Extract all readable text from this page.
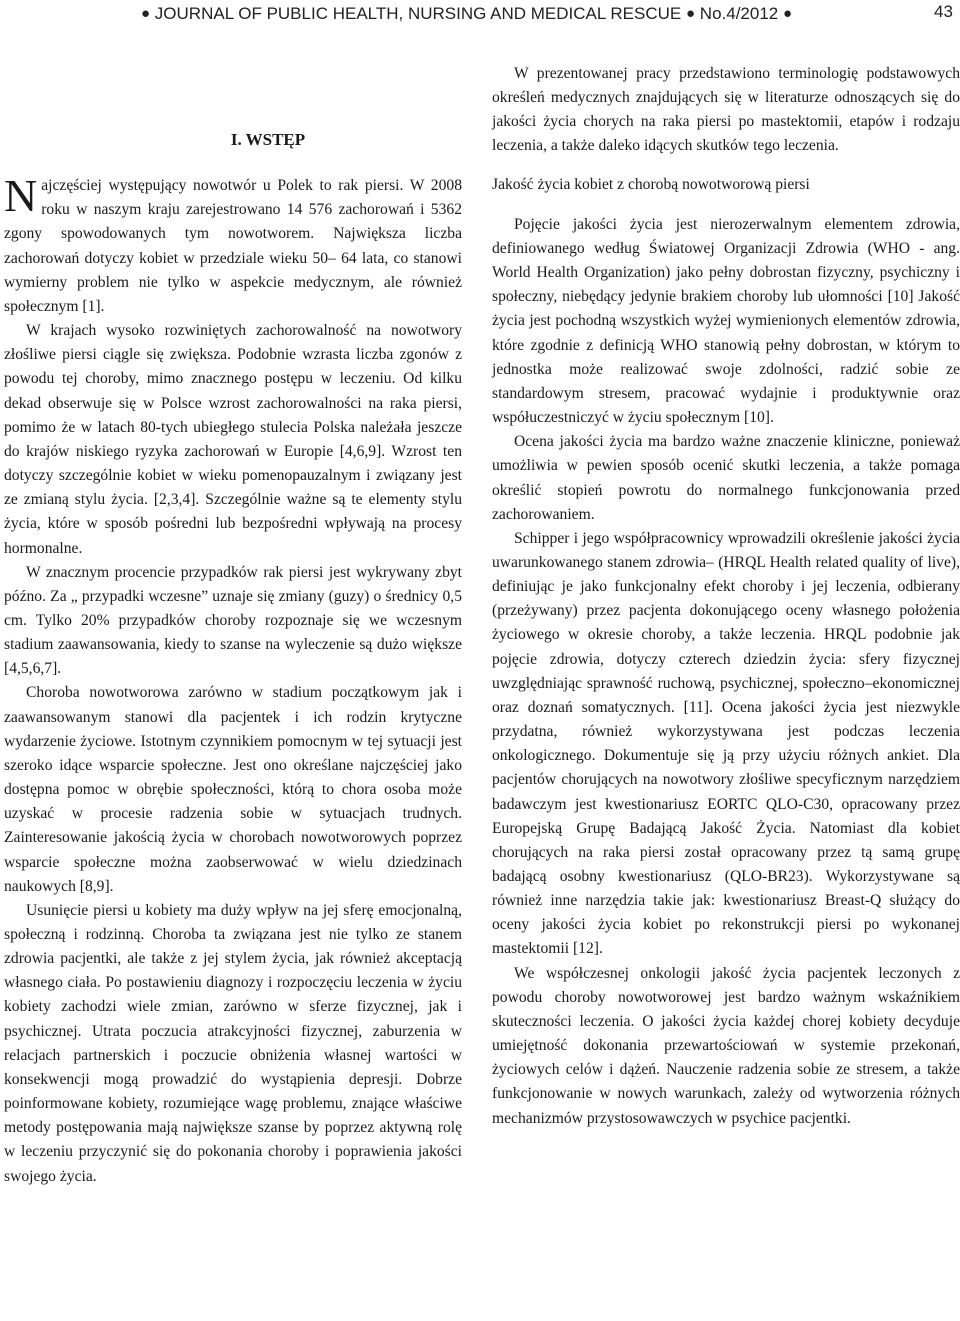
● JOURNAL OF PUBLIC HEALTH, NURSING AND MEDICAL RESCUE ● No.4/2012 ●	43

I. WSTĘP

Najczęściej występujący nowotwór u Polek to rak piersi. W 2008 roku w naszym kraju zarejestrowano 14 576 zachorowań i 5362 zgony spowodowanych tym nowotworem. Największa liczba zachorowań dotyczy kobiet w przedziale wieku 50– 64 lata, co stanowi wymierny problem nie tylko w aspekcie medycznym, ale również społecznym [1].

W krajach wysoko rozwiniętych zachorowalność na nowotwory złośliwe piersi ciągle się zwiększa. Podobnie wzrasta liczba zgonów z powodu tej choroby, mimo znacznego postępu w leczeniu. Od kilku dekad obserwuje się w Polsce wzrost zachorowalności na raka piersi, pomimo że w latach 80-tych ubiegłego stulecia Polska należała jeszcze do krajów niskiego ryzyka zachorowań w Europie [4,6,9]. Wzrost ten dotyczy szczególnie kobiet w wieku pomenopauzalnym i związany jest ze zmianą stylu życia. [2,3,4]. Szczególnie ważne są te elementy stylu życia, które w sposób pośredni lub bezpośredni wpływają na procesy hormonalne.

W znacznym procencie przypadków rak piersi jest wykrywany zbyt późno. Za „ przypadki wczesne” uznaje się zmiany (guzy) o średnicy 0,5 cm. Tylko 20% przypadków choroby rozpoznaje się we wczesnym stadium zaawansowania, kiedy to szanse na wyleczenie są dużo większe [4,5,6,7].

Choroba nowotworowa zarówno w stadium początkowym jak i zaawansowanym stanowi dla pacjentek i ich rodzin krytyczne wydarzenie życiowe. Istotnym czynnikiem pomocnym w tej sytuacji jest szeroko idące wsparcie społeczne. Jest ono określane najczęściej jako dostępna pomoc w obrębie społeczności, którą to chora osoba może uzyskać w procesie radzenia sobie w sytuacjach trudnych. Zainteresowanie jakością życia w chorobach nowotworowych poprzez wsparcie społeczne można zaobserwować w wielu dziedzinach naukowych [8,9].

Usunięcie piersi u kobiety ma duży wpływ na jej sferę emocjonalną, społeczną i rodzinną. Choroba ta związana jest nie tylko ze stanem zdrowia pacjentki, ale także z jej stylem życia, jak również akceptacją własnego ciała. Po postawieniu diagnozy i rozpoczęciu leczenia w życiu kobiety zachodzi wiele zmian, zarówno w sferze fizycznej, jak i psychicznej. Utrata poczucia atrakcyjności fizycznej, zaburzenia w relacjach partnerskich i poczucie obniżenia własnej wartości w konsekwencji mogą prowadzić do wystąpienia depresji. Dobrze poinformowane kobiety, rozumiejące wagę problemu, znające właściwe metody postępowania mają największe szanse by poprzez aktywną rolę w leczeniu przyczynić się do pokonania choroby i poprawienia jakości swojego życia.

W prezentowanej pracy przedstawiono terminologię podstawowych określeń medycznych znajdujących się w literaturze odnoszących się do jakości życia chorych na raka piersi po mastektomii, etapów i rodzaju leczenia, a także daleko idących skutków tego leczenia.

Jakość życia kobiet z chorobą nowotworową piersi

Pojęcie jakości życia jest nierozerwalnym elementem zdrowia, definiowanego według Światowej Organizacji Zdrowia (WHO - ang. World Health Organization) jako pełny dobrostan fizyczny, psychiczny i społeczny, niebędący jedynie brakiem choroby lub ułomności [10] Jakość życia jest pochodną wszystkich wyżej wymienionych elementów zdrowia, które zgodnie z definicją WHO stanowią pełny dobrostan, w którym to jednostka może realizować swoje zdolności, radzić sobie ze standardowym stresem, pracować wydajnie i produktywnie oraz współuczestniczyć w życiu społecznym [10].

Ocena jakości życia ma bardzo ważne znaczenie kliniczne, ponieważ umożliwia w pewien sposób ocenić skutki leczenia, a także pomaga określić stopień powrotu do normalnego funkcjonowania przed zachorowaniem.

Schipper i jego współpracownicy wprowadzili określenie jakości życia uwarunkowanego stanem zdrowia– (HRQL Health related quality of live), definiując je jako funkcjonalny efekt choroby i jej leczenia, odbierany (przeżywany) przez pacjenta dokonującego oceny własnego położenia życiowego w okresie choroby, a także leczenia. HRQL podobnie jak pojęcie zdrowia, dotyczy czterech dziedzin życia: sfery fizycznej uwzględniając sprawność ruchową, psychicznej, społeczno–ekonomicznej oraz doznań somatycznych. [11]. Ocena jakości życia jest niezwykle przydatna, również wykorzystywana jest podczas leczenia onkologicznego. Dokumentuje się ją przy użyciu różnych ankiet. Dla pacjentów chorujących na nowotwory złośliwe specyficznym narzędziem badawczym jest kwestionariusz EORTC QLO-C30, opracowany przez Europejską Grupę Badającą Jakość Życia. Natomiast dla kobiet chorujących na raka piersi został opracowany przez tą samą grupę badającą osobny kwestionariusz (QLO-BR23). Wykorzystywane są również inne narzędzia takie jak: kwestionariusz Breast-Q służący do oceny jakości życia kobiet po rekonstrukcji piersi po wykonanej mastektomii [12].

We współczesnej onkologii jakość życia pacjentek leczonych z powodu choroby nowotworowej jest bardzo ważnym wskaźnikiem skuteczności leczenia. O jakości życia każdej chorej kobiety decyduje umiejętność dokonania przewartościowań w systemie przekonań, życiowych celów i dążeń. Nauczenie radzenia sobie ze stresem, a także funkcjonowanie w nowych warunkach, zależy od wytworzenia różnych mechanizmów przystosowawczych w psychice pacjentki.
